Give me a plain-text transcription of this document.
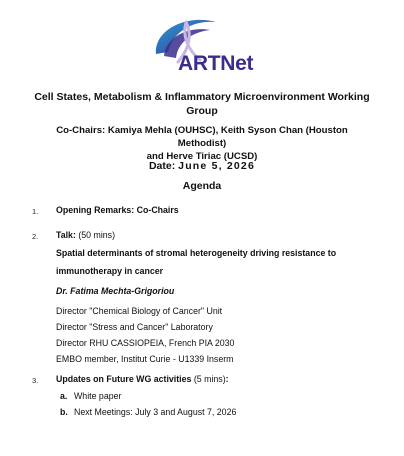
ARTNet
Cell States, Metabolism & Inflammatory Microenvironment Working
Group
Co-Chairs: Kamiya Mehla (OUHSC), Keith Syson Chan (Houston Methodist)
and Herve Tiriac (UCSD)
Date: June 5, 2026
Agenda
1. Opening Remarks: Co-Chairs
2. Talk: (50 mins)
Spatial determinants of stromal heterogeneity driving resistance to
immunotherapy in cancer
Dr. Fatima Mechta-Grigoriou
Director "Chemical Biology of Cancer" Unit
Director "Stress and Cancer" Laboratory
Director RHU CASSIOPEIA, French PIA 2030
EMBO member, Institut Curie - U1339 Inserm
3. Updates on Future WG activities (5 mins):
a. White paper
b. Next Meetings: July 3 and August 7, 2026
